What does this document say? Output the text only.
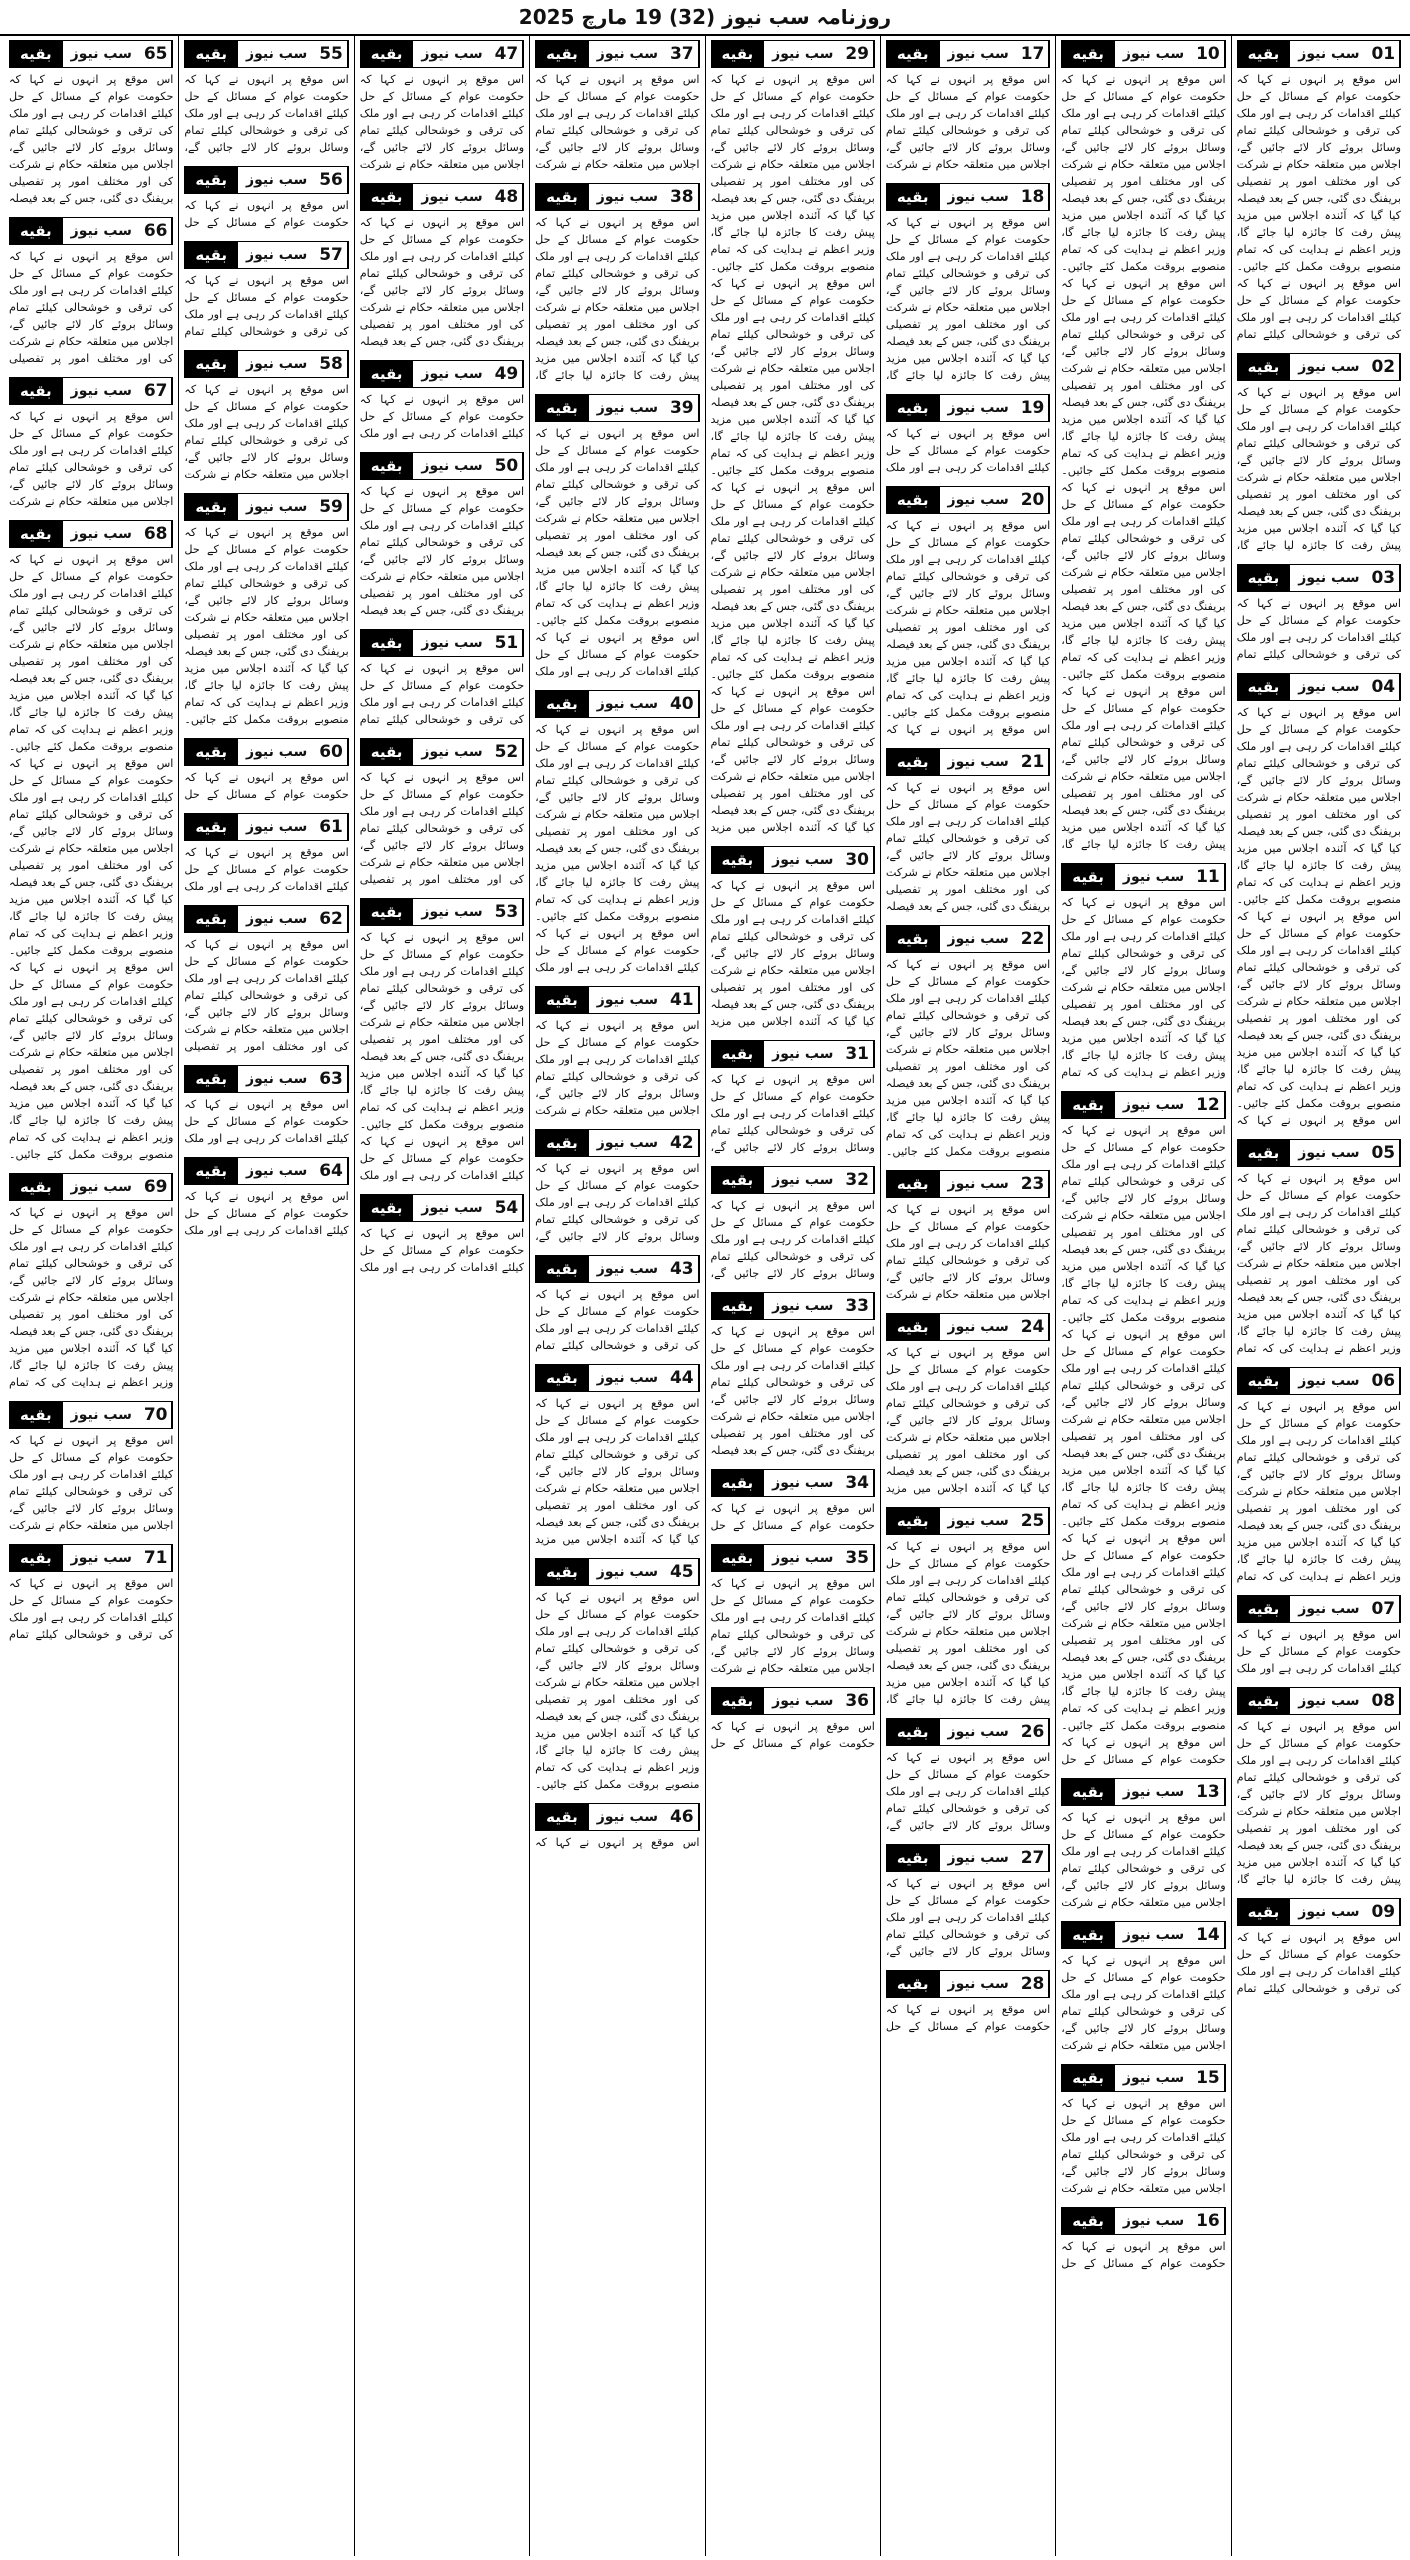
روزنامہ سب نیوز (32) 19 مارچ 2025
بقیه	سب نیوز 01
اس موقع پر انہوں نے کہا کہ حکومت عوام کے مسائل کے حل کیلئے اقدامات کر رہی ہے اور ملک کی ترقی و خوشحالی کیلئے تمام وسائل بروئے کار لائے جائیں گے، اجلاس میں متعلقہ حکام نے شرکت کی اور مختلف امور پر تفصیلی بریفنگ دی گئی، جس کے بعد فیصلہ کیا گیا کہ آئندہ اجلاس میں مزید پیش رفت کا جائزہ لیا جائے گا، وزیر اعظم نے ہدایت کی کہ تمام منصوبے بروقت مکمل کئے جائیں۔ اس موقع پر انہوں نے کہا کہ حکومت عوام کے مسائل کے حل کیلئے اقدامات کر رہی ہے اور ملک کی ترقی و خوشحالی کیلئے تمام
بقیه	سب نیوز 02
اس موقع پر انہوں نے کہا کہ حکومت عوام کے مسائل کے حل کیلئے اقدامات کر رہی ہے اور ملک کی ترقی و خوشحالی کیلئے تمام وسائل بروئے کار لائے جائیں گے، اجلاس میں متعلقہ حکام نے شرکت کی اور مختلف امور پر تفصیلی بریفنگ دی گئی، جس کے بعد فیصلہ کیا گیا کہ آئندہ اجلاس میں مزید پیش رفت کا جائزہ لیا جائے گا،
بقیه	سب نیوز 03
اس موقع پر انہوں نے کہا کہ حکومت عوام کے مسائل کے حل کیلئے اقدامات کر رہی ہے اور ملک کی ترقی و خوشحالی کیلئے تمام
بقیه	سب نیوز 04
اس موقع پر انہوں نے کہا کہ حکومت عوام کے مسائل کے حل کیلئے اقدامات کر رہی ہے اور ملک کی ترقی و خوشحالی کیلئے تمام وسائل بروئے کار لائے جائیں گے، اجلاس میں متعلقہ حکام نے شرکت کی اور مختلف امور پر تفصیلی بریفنگ دی گئی، جس کے بعد فیصلہ کیا گیا کہ آئندہ اجلاس میں مزید پیش رفت کا جائزہ لیا جائے گا، وزیر اعظم نے ہدایت کی کہ تمام منصوبے بروقت مکمل کئے جائیں۔ اس موقع پر انہوں نے کہا کہ حکومت عوام کے مسائل کے حل کیلئے اقدامات کر رہی ہے اور ملک کی ترقی و خوشحالی کیلئے تمام وسائل بروئے کار لائے جائیں گے، اجلاس میں متعلقہ حکام نے شرکت کی اور مختلف امور پر تفصیلی بریفنگ دی گئی، جس کے بعد فیصلہ کیا گیا کہ آئندہ اجلاس میں مزید پیش رفت کا جائزہ لیا جائے گا، وزیر اعظم نے ہدایت کی کہ تمام منصوبے بروقت مکمل کئے جائیں۔ اس موقع پر انہوں نے کہا کہ
بقیه	سب نیوز 05
اس موقع پر انہوں نے کہا کہ حکومت عوام کے مسائل کے حل کیلئے اقدامات کر رہی ہے اور ملک کی ترقی و خوشحالی کیلئے تمام وسائل بروئے کار لائے جائیں گے، اجلاس میں متعلقہ حکام نے شرکت کی اور مختلف امور پر تفصیلی بریفنگ دی گئی، جس کے بعد فیصلہ کیا گیا کہ آئندہ اجلاس میں مزید پیش رفت کا جائزہ لیا جائے گا، وزیر اعظم نے ہدایت کی کہ تمام
بقیه	سب نیوز 06
اس موقع پر انہوں نے کہا کہ حکومت عوام کے مسائل کے حل کیلئے اقدامات کر رہی ہے اور ملک کی ترقی و خوشحالی کیلئے تمام وسائل بروئے کار لائے جائیں گے، اجلاس میں متعلقہ حکام نے شرکت کی اور مختلف امور پر تفصیلی بریفنگ دی گئی، جس کے بعد فیصلہ کیا گیا کہ آئندہ اجلاس میں مزید پیش رفت کا جائزہ لیا جائے گا، وزیر اعظم نے ہدایت کی کہ تمام
بقیه	سب نیوز 07
اس موقع پر انہوں نے کہا کہ حکومت عوام کے مسائل کے حل کیلئے اقدامات کر رہی ہے اور ملک
بقیه	سب نیوز 08
اس موقع پر انہوں نے کہا کہ حکومت عوام کے مسائل کے حل کیلئے اقدامات کر رہی ہے اور ملک کی ترقی و خوشحالی کیلئے تمام وسائل بروئے کار لائے جائیں گے، اجلاس میں متعلقہ حکام نے شرکت کی اور مختلف امور پر تفصیلی بریفنگ دی گئی، جس کے بعد فیصلہ کیا گیا کہ آئندہ اجلاس میں مزید پیش رفت کا جائزہ لیا جائے گا،
بقیه	سب نیوز 09
اس موقع پر انہوں نے کہا کہ حکومت عوام کے مسائل کے حل کیلئے اقدامات کر رہی ہے اور ملک کی ترقی و خوشحالی کیلئے تمام
بقیه	سب نیوز 10
اس موقع پر انہوں نے کہا کہ حکومت عوام کے مسائل کے حل کیلئے اقدامات کر رہی ہے اور ملک کی ترقی و خوشحالی کیلئے تمام وسائل بروئے کار لائے جائیں گے، اجلاس میں متعلقہ حکام نے شرکت کی اور مختلف امور پر تفصیلی بریفنگ دی گئی، جس کے بعد فیصلہ کیا گیا کہ آئندہ اجلاس میں مزید پیش رفت کا جائزہ لیا جائے گا، وزیر اعظم نے ہدایت کی کہ تمام منصوبے بروقت مکمل کئے جائیں۔ اس موقع پر انہوں نے کہا کہ حکومت عوام کے مسائل کے حل کیلئے اقدامات کر رہی ہے اور ملک کی ترقی و خوشحالی کیلئے تمام وسائل بروئے کار لائے جائیں گے، اجلاس میں متعلقہ حکام نے شرکت کی اور مختلف امور پر تفصیلی بریفنگ دی گئی، جس کے بعد فیصلہ کیا گیا کہ آئندہ اجلاس میں مزید پیش رفت کا جائزہ لیا جائے گا، وزیر اعظم نے ہدایت کی کہ تمام منصوبے بروقت مکمل کئے جائیں۔ اس موقع پر انہوں نے کہا کہ حکومت عوام کے مسائل کے حل کیلئے اقدامات کر رہی ہے اور ملک کی ترقی و خوشحالی کیلئے تمام وسائل بروئے کار لائے جائیں گے، اجلاس میں متعلقہ حکام نے شرکت کی اور مختلف امور پر تفصیلی بریفنگ دی گئی، جس کے بعد فیصلہ کیا گیا کہ آئندہ اجلاس میں مزید پیش رفت کا جائزہ لیا جائے گا، وزیر اعظم نے ہدایت کی کہ تمام منصوبے بروقت مکمل کئے جائیں۔ اس موقع پر انہوں نے کہا کہ حکومت عوام کے مسائل کے حل کیلئے اقدامات کر رہی ہے اور ملک کی ترقی و خوشحالی کیلئے تمام وسائل بروئے کار لائے جائیں گے، اجلاس میں متعلقہ حکام نے شرکت کی اور مختلف امور پر تفصیلی بریفنگ دی گئی، جس کے بعد فیصلہ کیا گیا کہ آئندہ اجلاس میں مزید پیش رفت کا جائزہ لیا جائے گا،
بقیه	سب نیوز 11
اس موقع پر انہوں نے کہا کہ حکومت عوام کے مسائل کے حل کیلئے اقدامات کر رہی ہے اور ملک کی ترقی و خوشحالی کیلئے تمام وسائل بروئے کار لائے جائیں گے، اجلاس میں متعلقہ حکام نے شرکت کی اور مختلف امور پر تفصیلی بریفنگ دی گئی، جس کے بعد فیصلہ کیا گیا کہ آئندہ اجلاس میں مزید پیش رفت کا جائزہ لیا جائے گا، وزیر اعظم نے ہدایت کی کہ تمام
بقیه	سب نیوز 12
اس موقع پر انہوں نے کہا کہ حکومت عوام کے مسائل کے حل کیلئے اقدامات کر رہی ہے اور ملک کی ترقی و خوشحالی کیلئے تمام وسائل بروئے کار لائے جائیں گے، اجلاس میں متعلقہ حکام نے شرکت کی اور مختلف امور پر تفصیلی بریفنگ دی گئی، جس کے بعد فیصلہ کیا گیا کہ آئندہ اجلاس میں مزید پیش رفت کا جائزہ لیا جائے گا، وزیر اعظم نے ہدایت کی کہ تمام منصوبے بروقت مکمل کئے جائیں۔ اس موقع پر انہوں نے کہا کہ حکومت عوام کے مسائل کے حل کیلئے اقدامات کر رہی ہے اور ملک کی ترقی و خوشحالی کیلئے تمام وسائل بروئے کار لائے جائیں گے، اجلاس میں متعلقہ حکام نے شرکت کی اور مختلف امور پر تفصیلی بریفنگ دی گئی، جس کے بعد فیصلہ کیا گیا کہ آئندہ اجلاس میں مزید پیش رفت کا جائزہ لیا جائے گا، وزیر اعظم نے ہدایت کی کہ تمام منصوبے بروقت مکمل کئے جائیں۔ اس موقع پر انہوں نے کہا کہ حکومت عوام کے مسائل کے حل کیلئے اقدامات کر رہی ہے اور ملک کی ترقی و خوشحالی کیلئے تمام وسائل بروئے کار لائے جائیں گے، اجلاس میں متعلقہ حکام نے شرکت کی اور مختلف امور پر تفصیلی بریفنگ دی گئی، جس کے بعد فیصلہ کیا گیا کہ آئندہ اجلاس میں مزید پیش رفت کا جائزہ لیا جائے گا، وزیر اعظم نے ہدایت کی کہ تمام منصوبے بروقت مکمل کئے جائیں۔ اس موقع پر انہوں نے کہا کہ حکومت عوام کے مسائل کے حل
بقیه	سب نیوز 13
اس موقع پر انہوں نے کہا کہ حکومت عوام کے مسائل کے حل کیلئے اقدامات کر رہی ہے اور ملک کی ترقی و خوشحالی کیلئے تمام وسائل بروئے کار لائے جائیں گے، اجلاس میں متعلقہ حکام نے شرکت
بقیه	سب نیوز 14
اس موقع پر انہوں نے کہا کہ حکومت عوام کے مسائل کے حل کیلئے اقدامات کر رہی ہے اور ملک کی ترقی و خوشحالی کیلئے تمام وسائل بروئے کار لائے جائیں گے، اجلاس میں متعلقہ حکام نے شرکت
بقیه	سب نیوز 15
اس موقع پر انہوں نے کہا کہ حکومت عوام کے مسائل کے حل کیلئے اقدامات کر رہی ہے اور ملک کی ترقی و خوشحالی کیلئے تمام وسائل بروئے کار لائے جائیں گے، اجلاس میں متعلقہ حکام نے شرکت
بقیه	سب نیوز 16
اس موقع پر انہوں نے کہا کہ حکومت عوام کے مسائل کے حل
بقیه	سب نیوز 17
اس موقع پر انہوں نے کہا کہ حکومت عوام کے مسائل کے حل کیلئے اقدامات کر رہی ہے اور ملک کی ترقی و خوشحالی کیلئے تمام وسائل بروئے کار لائے جائیں گے، اجلاس میں متعلقہ حکام نے شرکت
بقیه	سب نیوز 18
اس موقع پر انہوں نے کہا کہ حکومت عوام کے مسائل کے حل کیلئے اقدامات کر رہی ہے اور ملک کی ترقی و خوشحالی کیلئے تمام وسائل بروئے کار لائے جائیں گے، اجلاس میں متعلقہ حکام نے شرکت کی اور مختلف امور پر تفصیلی بریفنگ دی گئی، جس کے بعد فیصلہ کیا گیا کہ آئندہ اجلاس میں مزید پیش رفت کا جائزہ لیا جائے گا،
بقیه	سب نیوز 19
اس موقع پر انہوں نے کہا کہ حکومت عوام کے مسائل کے حل کیلئے اقدامات کر رہی ہے اور ملک
بقیه	سب نیوز 20
اس موقع پر انہوں نے کہا کہ حکومت عوام کے مسائل کے حل کیلئے اقدامات کر رہی ہے اور ملک کی ترقی و خوشحالی کیلئے تمام وسائل بروئے کار لائے جائیں گے، اجلاس میں متعلقہ حکام نے شرکت کی اور مختلف امور پر تفصیلی بریفنگ دی گئی، جس کے بعد فیصلہ کیا گیا کہ آئندہ اجلاس میں مزید پیش رفت کا جائزہ لیا جائے گا، وزیر اعظم نے ہدایت کی کہ تمام منصوبے بروقت مکمل کئے جائیں۔ اس موقع پر انہوں نے کہا کہ
بقیه	سب نیوز 21
اس موقع پر انہوں نے کہا کہ حکومت عوام کے مسائل کے حل کیلئے اقدامات کر رہی ہے اور ملک کی ترقی و خوشحالی کیلئے تمام وسائل بروئے کار لائے جائیں گے، اجلاس میں متعلقہ حکام نے شرکت کی اور مختلف امور پر تفصیلی بریفنگ دی گئی، جس کے بعد فیصلہ
بقیه	سب نیوز 22
اس موقع پر انہوں نے کہا کہ حکومت عوام کے مسائل کے حل کیلئے اقدامات کر رہی ہے اور ملک کی ترقی و خوشحالی کیلئے تمام وسائل بروئے کار لائے جائیں گے، اجلاس میں متعلقہ حکام نے شرکت کی اور مختلف امور پر تفصیلی بریفنگ دی گئی، جس کے بعد فیصلہ کیا گیا کہ آئندہ اجلاس میں مزید پیش رفت کا جائزہ لیا جائے گا، وزیر اعظم نے ہدایت کی کہ تمام منصوبے بروقت مکمل کئے جائیں۔
بقیه	سب نیوز 23
اس موقع پر انہوں نے کہا کہ حکومت عوام کے مسائل کے حل کیلئے اقدامات کر رہی ہے اور ملک کی ترقی و خوشحالی کیلئے تمام وسائل بروئے کار لائے جائیں گے، اجلاس میں متعلقہ حکام نے شرکت
بقیه	سب نیوز 24
اس موقع پر انہوں نے کہا کہ حکومت عوام کے مسائل کے حل کیلئے اقدامات کر رہی ہے اور ملک کی ترقی و خوشحالی کیلئے تمام وسائل بروئے کار لائے جائیں گے، اجلاس میں متعلقہ حکام نے شرکت کی اور مختلف امور پر تفصیلی بریفنگ دی گئی، جس کے بعد فیصلہ کیا گیا کہ آئندہ اجلاس میں مزید
بقیه	سب نیوز 25
اس موقع پر انہوں نے کہا کہ حکومت عوام کے مسائل کے حل کیلئے اقدامات کر رہی ہے اور ملک کی ترقی و خوشحالی کیلئے تمام وسائل بروئے کار لائے جائیں گے، اجلاس میں متعلقہ حکام نے شرکت کی اور مختلف امور پر تفصیلی بریفنگ دی گئی، جس کے بعد فیصلہ کیا گیا کہ آئندہ اجلاس میں مزید پیش رفت کا جائزہ لیا جائے گا،
بقیه	سب نیوز 26
اس موقع پر انہوں نے کہا کہ حکومت عوام کے مسائل کے حل کیلئے اقدامات کر رہی ہے اور ملک کی ترقی و خوشحالی کیلئے تمام وسائل بروئے کار لائے جائیں گے،
بقیه	سب نیوز 27
اس موقع پر انہوں نے کہا کہ حکومت عوام کے مسائل کے حل کیلئے اقدامات کر رہی ہے اور ملک کی ترقی و خوشحالی کیلئے تمام وسائل بروئے کار لائے جائیں گے،
بقیه	سب نیوز 28
اس موقع پر انہوں نے کہا کہ حکومت عوام کے مسائل کے حل
بقیه	سب نیوز 29
اس موقع پر انہوں نے کہا کہ حکومت عوام کے مسائل کے حل کیلئے اقدامات کر رہی ہے اور ملک کی ترقی و خوشحالی کیلئے تمام وسائل بروئے کار لائے جائیں گے، اجلاس میں متعلقہ حکام نے شرکت کی اور مختلف امور پر تفصیلی بریفنگ دی گئی، جس کے بعد فیصلہ کیا گیا کہ آئندہ اجلاس میں مزید پیش رفت کا جائزہ لیا جائے گا، وزیر اعظم نے ہدایت کی کہ تمام منصوبے بروقت مکمل کئے جائیں۔ اس موقع پر انہوں نے کہا کہ حکومت عوام کے مسائل کے حل کیلئے اقدامات کر رہی ہے اور ملک کی ترقی و خوشحالی کیلئے تمام وسائل بروئے کار لائے جائیں گے، اجلاس میں متعلقہ حکام نے شرکت کی اور مختلف امور پر تفصیلی بریفنگ دی گئی، جس کے بعد فیصلہ کیا گیا کہ آئندہ اجلاس میں مزید پیش رفت کا جائزہ لیا جائے گا، وزیر اعظم نے ہدایت کی کہ تمام منصوبے بروقت مکمل کئے جائیں۔ اس موقع پر انہوں نے کہا کہ حکومت عوام کے مسائل کے حل کیلئے اقدامات کر رہی ہے اور ملک کی ترقی و خوشحالی کیلئے تمام وسائل بروئے کار لائے جائیں گے، اجلاس میں متعلقہ حکام نے شرکت کی اور مختلف امور پر تفصیلی بریفنگ دی گئی، جس کے بعد فیصلہ کیا گیا کہ آئندہ اجلاس میں مزید پیش رفت کا جائزہ لیا جائے گا، وزیر اعظم نے ہدایت کی کہ تمام منصوبے بروقت مکمل کئے جائیں۔ اس موقع پر انہوں نے کہا کہ حکومت عوام کے مسائل کے حل کیلئے اقدامات کر رہی ہے اور ملک کی ترقی و خوشحالی کیلئے تمام وسائل بروئے کار لائے جائیں گے، اجلاس میں متعلقہ حکام نے شرکت کی اور مختلف امور پر تفصیلی بریفنگ دی گئی، جس کے بعد فیصلہ کیا گیا کہ آئندہ اجلاس میں مزید
بقیه	سب نیوز 30
اس موقع پر انہوں نے کہا کہ حکومت عوام کے مسائل کے حل کیلئے اقدامات کر رہی ہے اور ملک کی ترقی و خوشحالی کیلئے تمام وسائل بروئے کار لائے جائیں گے، اجلاس میں متعلقہ حکام نے شرکت کی اور مختلف امور پر تفصیلی بریفنگ دی گئی، جس کے بعد فیصلہ کیا گیا کہ آئندہ اجلاس میں مزید
بقیه	سب نیوز 31
اس موقع پر انہوں نے کہا کہ حکومت عوام کے مسائل کے حل کیلئے اقدامات کر رہی ہے اور ملک کی ترقی و خوشحالی کیلئے تمام وسائل بروئے کار لائے جائیں گے،
بقیه	سب نیوز 32
اس موقع پر انہوں نے کہا کہ حکومت عوام کے مسائل کے حل کیلئے اقدامات کر رہی ہے اور ملک کی ترقی و خوشحالی کیلئے تمام وسائل بروئے کار لائے جائیں گے،
بقیه	سب نیوز 33
اس موقع پر انہوں نے کہا کہ حکومت عوام کے مسائل کے حل کیلئے اقدامات کر رہی ہے اور ملک کی ترقی و خوشحالی کیلئے تمام وسائل بروئے کار لائے جائیں گے، اجلاس میں متعلقہ حکام نے شرکت کی اور مختلف امور پر تفصیلی بریفنگ دی گئی، جس کے بعد فیصلہ
بقیه	سب نیوز 34
اس موقع پر انہوں نے کہا کہ حکومت عوام کے مسائل کے حل
بقیه	سب نیوز 35
اس موقع پر انہوں نے کہا کہ حکومت عوام کے مسائل کے حل کیلئے اقدامات کر رہی ہے اور ملک کی ترقی و خوشحالی کیلئے تمام وسائل بروئے کار لائے جائیں گے، اجلاس میں متعلقہ حکام نے شرکت
بقیه	سب نیوز 36
اس موقع پر انہوں نے کہا کہ حکومت عوام کے مسائل کے حل
بقیه	سب نیوز 37
اس موقع پر انہوں نے کہا کہ حکومت عوام کے مسائل کے حل کیلئے اقدامات کر رہی ہے اور ملک کی ترقی و خوشحالی کیلئے تمام وسائل بروئے کار لائے جائیں گے، اجلاس میں متعلقہ حکام نے شرکت
بقیه	سب نیوز 38
اس موقع پر انہوں نے کہا کہ حکومت عوام کے مسائل کے حل کیلئے اقدامات کر رہی ہے اور ملک کی ترقی و خوشحالی کیلئے تمام وسائل بروئے کار لائے جائیں گے، اجلاس میں متعلقہ حکام نے شرکت کی اور مختلف امور پر تفصیلی بریفنگ دی گئی، جس کے بعد فیصلہ کیا گیا کہ آئندہ اجلاس میں مزید پیش رفت کا جائزہ لیا جائے گا،
بقیه	سب نیوز 39
اس موقع پر انہوں نے کہا کہ حکومت عوام کے مسائل کے حل کیلئے اقدامات کر رہی ہے اور ملک کی ترقی و خوشحالی کیلئے تمام وسائل بروئے کار لائے جائیں گے، اجلاس میں متعلقہ حکام نے شرکت کی اور مختلف امور پر تفصیلی بریفنگ دی گئی، جس کے بعد فیصلہ کیا گیا کہ آئندہ اجلاس میں مزید پیش رفت کا جائزہ لیا جائے گا، وزیر اعظم نے ہدایت کی کہ تمام منصوبے بروقت مکمل کئے جائیں۔ اس موقع پر انہوں نے کہا کہ حکومت عوام کے مسائل کے حل کیلئے اقدامات کر رہی ہے اور ملک
بقیه	سب نیوز 40
اس موقع پر انہوں نے کہا کہ حکومت عوام کے مسائل کے حل کیلئے اقدامات کر رہی ہے اور ملک کی ترقی و خوشحالی کیلئے تمام وسائل بروئے کار لائے جائیں گے، اجلاس میں متعلقہ حکام نے شرکت کی اور مختلف امور پر تفصیلی بریفنگ دی گئی، جس کے بعد فیصلہ کیا گیا کہ آئندہ اجلاس میں مزید پیش رفت کا جائزہ لیا جائے گا، وزیر اعظم نے ہدایت کی کہ تمام منصوبے بروقت مکمل کئے جائیں۔ اس موقع پر انہوں نے کہا کہ حکومت عوام کے مسائل کے حل کیلئے اقدامات کر رہی ہے اور ملک
بقیه	سب نیوز 41
اس موقع پر انہوں نے کہا کہ حکومت عوام کے مسائل کے حل کیلئے اقدامات کر رہی ہے اور ملک کی ترقی و خوشحالی کیلئے تمام وسائل بروئے کار لائے جائیں گے، اجلاس میں متعلقہ حکام نے شرکت
بقیه	سب نیوز 42
اس موقع پر انہوں نے کہا کہ حکومت عوام کے مسائل کے حل کیلئے اقدامات کر رہی ہے اور ملک کی ترقی و خوشحالی کیلئے تمام وسائل بروئے کار لائے جائیں گے،
بقیه	سب نیوز 43
اس موقع پر انہوں نے کہا کہ حکومت عوام کے مسائل کے حل کیلئے اقدامات کر رہی ہے اور ملک کی ترقی و خوشحالی کیلئے تمام
بقیه	سب نیوز 44
اس موقع پر انہوں نے کہا کہ حکومت عوام کے مسائل کے حل کیلئے اقدامات کر رہی ہے اور ملک کی ترقی و خوشحالی کیلئے تمام وسائل بروئے کار لائے جائیں گے، اجلاس میں متعلقہ حکام نے شرکت کی اور مختلف امور پر تفصیلی بریفنگ دی گئی، جس کے بعد فیصلہ کیا گیا کہ آئندہ اجلاس میں مزید
بقیه	سب نیوز 45
اس موقع پر انہوں نے کہا کہ حکومت عوام کے مسائل کے حل کیلئے اقدامات کر رہی ہے اور ملک کی ترقی و خوشحالی کیلئے تمام وسائل بروئے کار لائے جائیں گے، اجلاس میں متعلقہ حکام نے شرکت کی اور مختلف امور پر تفصیلی بریفنگ دی گئی، جس کے بعد فیصلہ کیا گیا کہ آئندہ اجلاس میں مزید پیش رفت کا جائزہ لیا جائے گا، وزیر اعظم نے ہدایت کی کہ تمام منصوبے بروقت مکمل کئے جائیں۔
بقیه	سب نیوز 46
اس موقع پر انہوں نے کہا کہ
بقیه	سب نیوز 47
اس موقع پر انہوں نے کہا کہ حکومت عوام کے مسائل کے حل کیلئے اقدامات کر رہی ہے اور ملک کی ترقی و خوشحالی کیلئے تمام وسائل بروئے کار لائے جائیں گے، اجلاس میں متعلقہ حکام نے شرکت
بقیه	سب نیوز 48
اس موقع پر انہوں نے کہا کہ حکومت عوام کے مسائل کے حل کیلئے اقدامات کر رہی ہے اور ملک کی ترقی و خوشحالی کیلئے تمام وسائل بروئے کار لائے جائیں گے، اجلاس میں متعلقہ حکام نے شرکت کی اور مختلف امور پر تفصیلی بریفنگ دی گئی، جس کے بعد فیصلہ
بقیه	سب نیوز 49
اس موقع پر انہوں نے کہا کہ حکومت عوام کے مسائل کے حل کیلئے اقدامات کر رہی ہے اور ملک
بقیه	سب نیوز 50
اس موقع پر انہوں نے کہا کہ حکومت عوام کے مسائل کے حل کیلئے اقدامات کر رہی ہے اور ملک کی ترقی و خوشحالی کیلئے تمام وسائل بروئے کار لائے جائیں گے، اجلاس میں متعلقہ حکام نے شرکت کی اور مختلف امور پر تفصیلی بریفنگ دی گئی، جس کے بعد فیصلہ
بقیه	سب نیوز 51
اس موقع پر انہوں نے کہا کہ حکومت عوام کے مسائل کے حل کیلئے اقدامات کر رہی ہے اور ملک کی ترقی و خوشحالی کیلئے تمام
بقیه	سب نیوز 52
اس موقع پر انہوں نے کہا کہ حکومت عوام کے مسائل کے حل کیلئے اقدامات کر رہی ہے اور ملک کی ترقی و خوشحالی کیلئے تمام وسائل بروئے کار لائے جائیں گے، اجلاس میں متعلقہ حکام نے شرکت کی اور مختلف امور پر تفصیلی
بقیه	سب نیوز 53
اس موقع پر انہوں نے کہا کہ حکومت عوام کے مسائل کے حل کیلئے اقدامات کر رہی ہے اور ملک کی ترقی و خوشحالی کیلئے تمام وسائل بروئے کار لائے جائیں گے، اجلاس میں متعلقہ حکام نے شرکت کی اور مختلف امور پر تفصیلی بریفنگ دی گئی، جس کے بعد فیصلہ کیا گیا کہ آئندہ اجلاس میں مزید پیش رفت کا جائزہ لیا جائے گا، وزیر اعظم نے ہدایت کی کہ تمام منصوبے بروقت مکمل کئے جائیں۔ اس موقع پر انہوں نے کہا کہ حکومت عوام کے مسائل کے حل کیلئے اقدامات کر رہی ہے اور ملک
بقیه	سب نیوز 54
اس موقع پر انہوں نے کہا کہ حکومت عوام کے مسائل کے حل کیلئے اقدامات کر رہی ہے اور ملک
بقیه	سب نیوز 55
اس موقع پر انہوں نے کہا کہ حکومت عوام کے مسائل کے حل کیلئے اقدامات کر رہی ہے اور ملک کی ترقی و خوشحالی کیلئے تمام وسائل بروئے کار لائے جائیں گے،
بقیه	سب نیوز 56
اس موقع پر انہوں نے کہا کہ حکومت عوام کے مسائل کے حل
بقیه	سب نیوز 57
اس موقع پر انہوں نے کہا کہ حکومت عوام کے مسائل کے حل کیلئے اقدامات کر رہی ہے اور ملک کی ترقی و خوشحالی کیلئے تمام
بقیه	سب نیوز 58
اس موقع پر انہوں نے کہا کہ حکومت عوام کے مسائل کے حل کیلئے اقدامات کر رہی ہے اور ملک کی ترقی و خوشحالی کیلئے تمام وسائل بروئے کار لائے جائیں گے، اجلاس میں متعلقہ حکام نے شرکت
بقیه	سب نیوز 59
اس موقع پر انہوں نے کہا کہ حکومت عوام کے مسائل کے حل کیلئے اقدامات کر رہی ہے اور ملک کی ترقی و خوشحالی کیلئے تمام وسائل بروئے کار لائے جائیں گے، اجلاس میں متعلقہ حکام نے شرکت کی اور مختلف امور پر تفصیلی بریفنگ دی گئی، جس کے بعد فیصلہ کیا گیا کہ آئندہ اجلاس میں مزید پیش رفت کا جائزہ لیا جائے گا، وزیر اعظم نے ہدایت کی کہ تمام منصوبے بروقت مکمل کئے جائیں۔
بقیه	سب نیوز 60
اس موقع پر انہوں نے کہا کہ حکومت عوام کے مسائل کے حل
بقیه	سب نیوز 61
اس موقع پر انہوں نے کہا کہ حکومت عوام کے مسائل کے حل کیلئے اقدامات کر رہی ہے اور ملک
بقیه	سب نیوز 62
اس موقع پر انہوں نے کہا کہ حکومت عوام کے مسائل کے حل کیلئے اقدامات کر رہی ہے اور ملک کی ترقی و خوشحالی کیلئے تمام وسائل بروئے کار لائے جائیں گے، اجلاس میں متعلقہ حکام نے شرکت کی اور مختلف امور پر تفصیلی
بقیه	سب نیوز 63
اس موقع پر انہوں نے کہا کہ حکومت عوام کے مسائل کے حل کیلئے اقدامات کر رہی ہے اور ملک
بقیه	سب نیوز 64
اس موقع پر انہوں نے کہا کہ حکومت عوام کے مسائل کے حل کیلئے اقدامات کر رہی ہے اور ملک
بقیه	سب نیوز 65
اس موقع پر انہوں نے کہا کہ حکومت عوام کے مسائل کے حل کیلئے اقدامات کر رہی ہے اور ملک کی ترقی و خوشحالی کیلئے تمام وسائل بروئے کار لائے جائیں گے، اجلاس میں متعلقہ حکام نے شرکت کی اور مختلف امور پر تفصیلی بریفنگ دی گئی، جس کے بعد فیصلہ
بقیه	سب نیوز 66
اس موقع پر انہوں نے کہا کہ حکومت عوام کے مسائل کے حل کیلئے اقدامات کر رہی ہے اور ملک کی ترقی و خوشحالی کیلئے تمام وسائل بروئے کار لائے جائیں گے، اجلاس میں متعلقہ حکام نے شرکت کی اور مختلف امور پر تفصیلی
بقیه	سب نیوز 67
اس موقع پر انہوں نے کہا کہ حکومت عوام کے مسائل کے حل کیلئے اقدامات کر رہی ہے اور ملک کی ترقی و خوشحالی کیلئے تمام وسائل بروئے کار لائے جائیں گے، اجلاس میں متعلقہ حکام نے شرکت
بقیه	سب نیوز 68
اس موقع پر انہوں نے کہا کہ حکومت عوام کے مسائل کے حل کیلئے اقدامات کر رہی ہے اور ملک کی ترقی و خوشحالی کیلئے تمام وسائل بروئے کار لائے جائیں گے، اجلاس میں متعلقہ حکام نے شرکت کی اور مختلف امور پر تفصیلی بریفنگ دی گئی، جس کے بعد فیصلہ کیا گیا کہ آئندہ اجلاس میں مزید پیش رفت کا جائزہ لیا جائے گا، وزیر اعظم نے ہدایت کی کہ تمام منصوبے بروقت مکمل کئے جائیں۔ اس موقع پر انہوں نے کہا کہ حکومت عوام کے مسائل کے حل کیلئے اقدامات کر رہی ہے اور ملک کی ترقی و خوشحالی کیلئے تمام وسائل بروئے کار لائے جائیں گے، اجلاس میں متعلقہ حکام نے شرکت کی اور مختلف امور پر تفصیلی بریفنگ دی گئی، جس کے بعد فیصلہ کیا گیا کہ آئندہ اجلاس میں مزید پیش رفت کا جائزہ لیا جائے گا، وزیر اعظم نے ہدایت کی کہ تمام منصوبے بروقت مکمل کئے جائیں۔ اس موقع پر انہوں نے کہا کہ حکومت عوام کے مسائل کے حل کیلئے اقدامات کر رہی ہے اور ملک کی ترقی و خوشحالی کیلئے تمام وسائل بروئے کار لائے جائیں گے، اجلاس میں متعلقہ حکام نے شرکت کی اور مختلف امور پر تفصیلی بریفنگ دی گئی، جس کے بعد فیصلہ کیا گیا کہ آئندہ اجلاس میں مزید پیش رفت کا جائزہ لیا جائے گا، وزیر اعظم نے ہدایت کی کہ تمام منصوبے بروقت مکمل کئے جائیں۔
بقیه	سب نیوز 69
اس موقع پر انہوں نے کہا کہ حکومت عوام کے مسائل کے حل کیلئے اقدامات کر رہی ہے اور ملک کی ترقی و خوشحالی کیلئے تمام وسائل بروئے کار لائے جائیں گے، اجلاس میں متعلقہ حکام نے شرکت کی اور مختلف امور پر تفصیلی بریفنگ دی گئی، جس کے بعد فیصلہ کیا گیا کہ آئندہ اجلاس میں مزید پیش رفت کا جائزہ لیا جائے گا، وزیر اعظم نے ہدایت کی کہ تمام
بقیه	سب نیوز 70
اس موقع پر انہوں نے کہا کہ حکومت عوام کے مسائل کے حل کیلئے اقدامات کر رہی ہے اور ملک کی ترقی و خوشحالی کیلئے تمام وسائل بروئے کار لائے جائیں گے، اجلاس میں متعلقہ حکام نے شرکت
بقیه	سب نیوز 71
اس موقع پر انہوں نے کہا کہ حکومت عوام کے مسائل کے حل کیلئے اقدامات کر رہی ہے اور ملک کی ترقی و خوشحالی کیلئے تمام
